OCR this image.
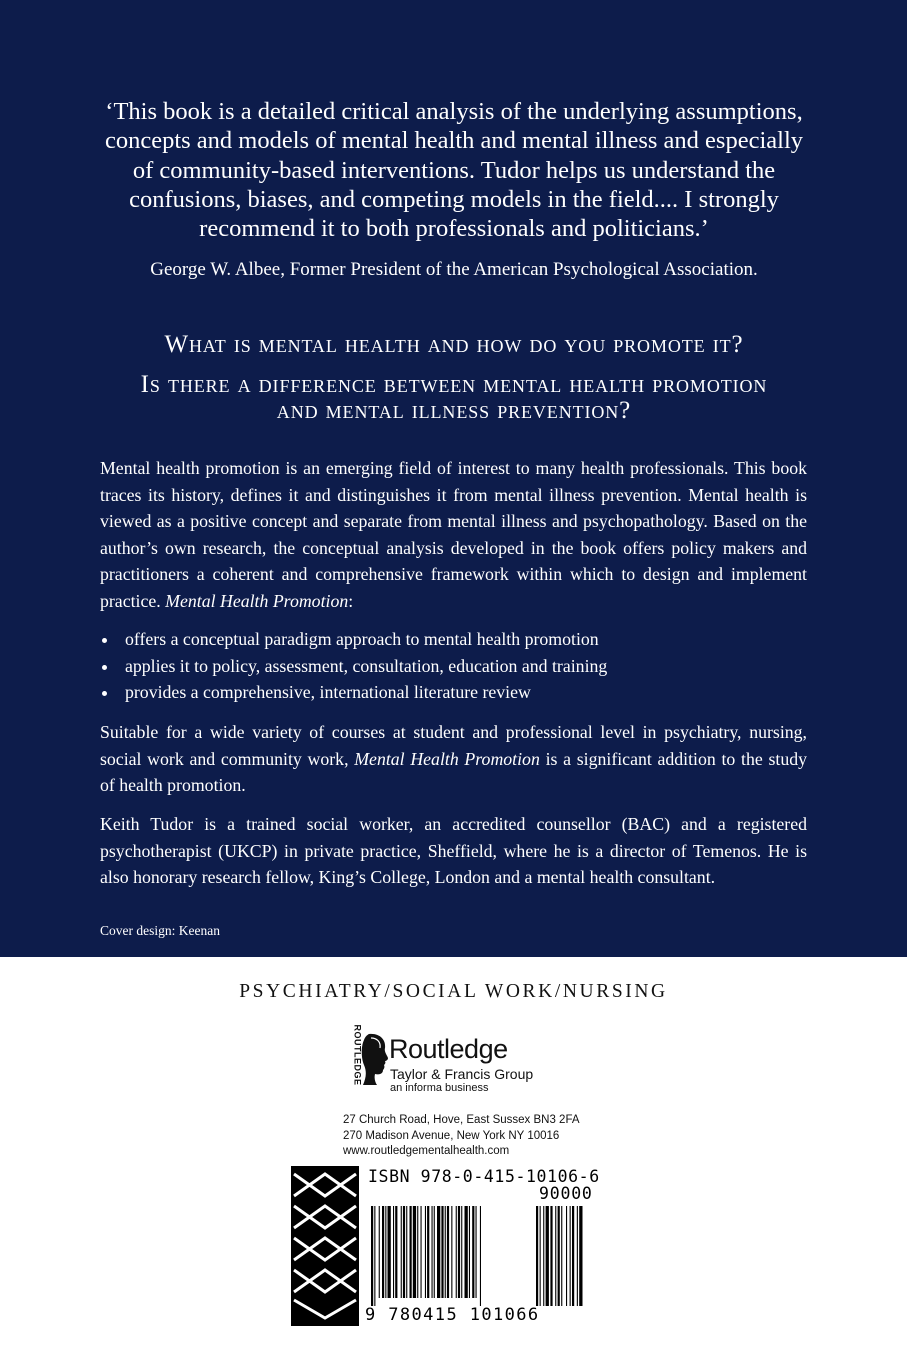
‘This book is a detailed critical analysis of the underlying assumptions, concepts and models of mental health and mental illness and especially of community-based interventions. Tudor helps us understand the confusions, biases, and competing models in the field.... I strongly recommend it to both professionals and politicians.’
George W. Albee, Former President of the American Psychological Association.
What is mental health and how do you promote it?
Is there a difference between mental health promotion
and mental illness prevention?
Mental health promotion is an emerging field of interest to many health professionals. This book traces its history, defines it and distinguishes it from mental illness prevention. Mental health is viewed as a positive concept and separate from mental illness and psychopathology. Based on the author’s own research, the conceptual analysis developed in the book offers policy makers and practitioners a coherent and comprehensive framework within which to design and implement practice. Mental Health Promotion:
offers a conceptual paradigm approach to mental health promotion
applies it to policy, assessment, consultation, education and training
provides a comprehensive, international literature review
Suitable for a wide variety of courses at student and professional level in psychiatry, nursing, social work and community work, Mental Health Promotion is a significant addition to the study of health promotion.
Keith Tudor is a trained social worker, an accredited counsellor (BAC) and a registered psychotherapist (UKCP) in private practice, Sheffield, where he is a director of Temenos. He is also honorary research fellow, King’s College, London and a mental health consultant.
Cover design: Keenan
PSYCHIATRY/SOCIAL WORK/NURSING
ROUTLEDGE Routledge
Taylor & Francis Group
an informa business
27 Church Road, Hove, East Sussex BN3 2FA
270 Madison Avenue, New York NY 10016
www.routledgementalhealth.com
ISBN 978-0-415-10106-6
90000
9 780415 101066
